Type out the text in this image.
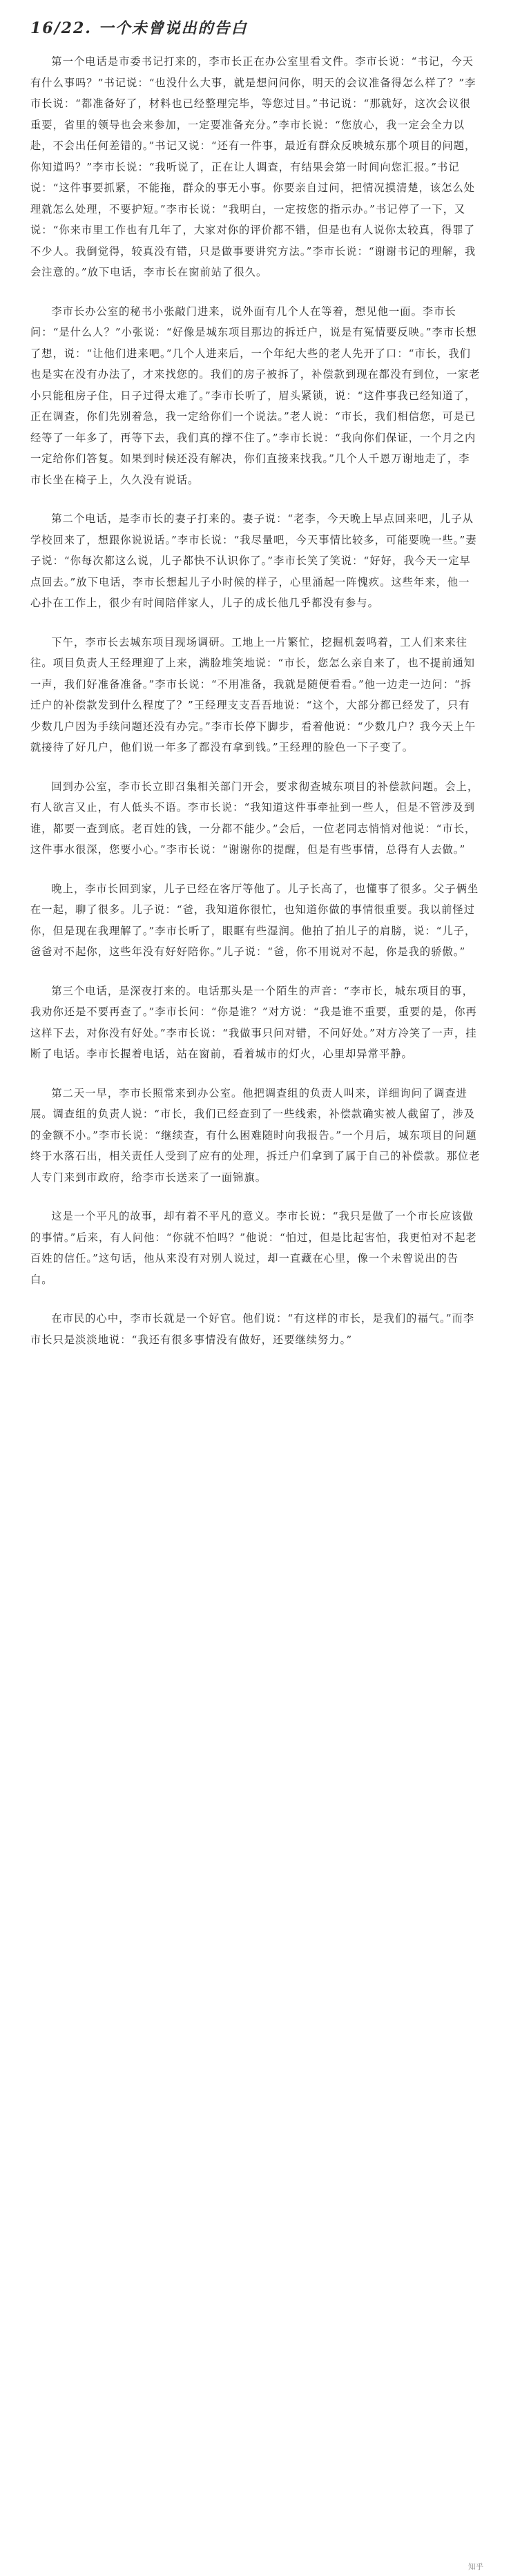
16/22. 一个未曾说出的告白

第一个电话是市委书记打来的，李市长正在办公室里看文件。李市长说：“书记，今天有什么事吗？”书记说：“也没什么大事，就是想问问你，明天的会议准备得怎么样了？”李市长说：“都准备好了，材料也已经整理完毕，等您过目。”书记说：“那就好，这次会议很重要，省里的领导也会来参加，一定要准备充分。”李市长说：“您放心，我一定会全力以赴，不会出任何差错的。”书记又说：“还有一件事，最近有群众反映城东那个项目的问题，你知道吗？”李市长说：“我听说了，正在让人调查，有结果会第一时间向您汇报。”书记说：“这件事要抓紧，不能拖，群众的事无小事。你要亲自过问，把情况摸清楚，该怎么处理就怎么处理，不要护短。”李市长说：“我明白，一定按您的指示办。”书记停了一下，又说：“你来市里工作也有几年了，大家对你的评价都不错，但是也有人说你太较真，得罪了不少人。我倒觉得，较真没有错，只是做事要讲究方法。”李市长说：“谢谢书记的理解，我会注意的。”放下电话，李市长在窗前站了很久。

李市长办公室的秘书小张敲门进来，说外面有几个人在等着，想见他一面。李市长问：“是什么人？”小张说：“好像是城东项目那边的拆迁户，说是有冤情要反映。”李市长想了想，说：“让他们进来吧。”几个人进来后，一个年纪大些的老人先开了口：“市长，我们也是实在没有办法了，才来找您的。我们的房子被拆了，补偿款到现在都没有到位，一家老小只能租房子住，日子过得太难了。”李市长听了，眉头紧锁，说：“这件事我已经知道了，正在调查，你们先别着急，我一定给你们一个说法。”老人说：“市长，我们相信您，可是已经等了一年多了，再等下去，我们真的撑不住了。”李市长说：“我向你们保证，一个月之内一定给你们答复。如果到时候还没有解决，你们直接来找我。”几个人千恩万谢地走了，李市长坐在椅子上，久久没有说话。

第二个电话，是李市长的妻子打来的。妻子说：“老李，今天晚上早点回来吧，儿子从学校回来了，想跟你说说话。”李市长说：“我尽量吧，今天事情比较多，可能要晚一些。”妻子说：“你每次都这么说，儿子都快不认识你了。”李市长笑了笑说：“好好，我今天一定早点回去。”放下电话，李市长想起儿子小时候的样子，心里涌起一阵愧疚。这些年来，他一心扑在工作上，很少有时间陪伴家人，儿子的成长他几乎都没有参与。

下午，李市长去城东项目现场调研。工地上一片繁忙，挖掘机轰鸣着，工人们来来往往。项目负责人王经理迎了上来，满脸堆笑地说：“市长，您怎么亲自来了，也不提前通知一声，我们好准备准备。”李市长说：“不用准备，我就是随便看看。”他一边走一边问：“拆迁户的补偿款发到什么程度了？”王经理支支吾吾地说：“这个，大部分都已经发了，只有少数几户因为手续问题还没有办完。”李市长停下脚步，看着他说：“少数几户？我今天上午就接待了好几户，他们说一年多了都没有拿到钱。”王经理的脸色一下子变了。

回到办公室，李市长立即召集相关部门开会，要求彻查城东项目的补偿款问题。会上，有人欲言又止，有人低头不语。李市长说：“我知道这件事牵扯到一些人，但是不管涉及到谁，都要一查到底。老百姓的钱，一分都不能少。”会后，一位老同志悄悄对他说：“市长，这件事水很深，您要小心。”李市长说：“谢谢你的提醒，但是有些事情，总得有人去做。”

晚上，李市长回到家，儿子已经在客厅等他了。儿子长高了，也懂事了很多。父子俩坐在一起，聊了很多。儿子说：“爸，我知道你很忙，也知道你做的事情很重要。我以前怪过你，但是现在我理解了。”李市长听了，眼眶有些湿润。他拍了拍儿子的肩膀，说：“儿子，爸爸对不起你，这些年没有好好陪你。”儿子说：“爸，你不用说对不起，你是我的骄傲。”

第三个电话，是深夜打来的。电话那头是一个陌生的声音：“李市长，城东项目的事，我劝你还是不要再查了。”李市长问：“你是谁？”对方说：“我是谁不重要，重要的是，你再这样下去，对你没有好处。”李市长说：“我做事只问对错，不问好处。”对方冷笑了一声，挂断了电话。李市长握着电话，站在窗前，看着城市的灯火，心里却异常平静。

第二天一早，李市长照常来到办公室。他把调查组的负责人叫来，详细询问了调查进展。调查组的负责人说：“市长，我们已经查到了一些线索，补偿款确实被人截留了，涉及的金额不小。”李市长说：“继续查，有什么困难随时向我报告。”一个月后，城东项目的问题终于水落石出，相关责任人受到了应有的处理，拆迁户们拿到了属于自己的补偿款。那位老人专门来到市政府，给李市长送来了一面锦旗。

这是一个平凡的故事，却有着不平凡的意义。李市长说：“我只是做了一个市长应该做的事情。”后来，有人问他：“你就不怕吗？”他说：“怕过，但是比起害怕，我更怕对不起老百姓的信任。”这句话，他从来没有对别人说过，却一直藏在心里，像一个未曾说出的告白。

在市民的心中，李市长就是一个好官。他们说：“有这样的市长，是我们的福气。”而李市长只是淡淡地说：“我还有很多事情没有做好，还要继续努力。”

知乎
